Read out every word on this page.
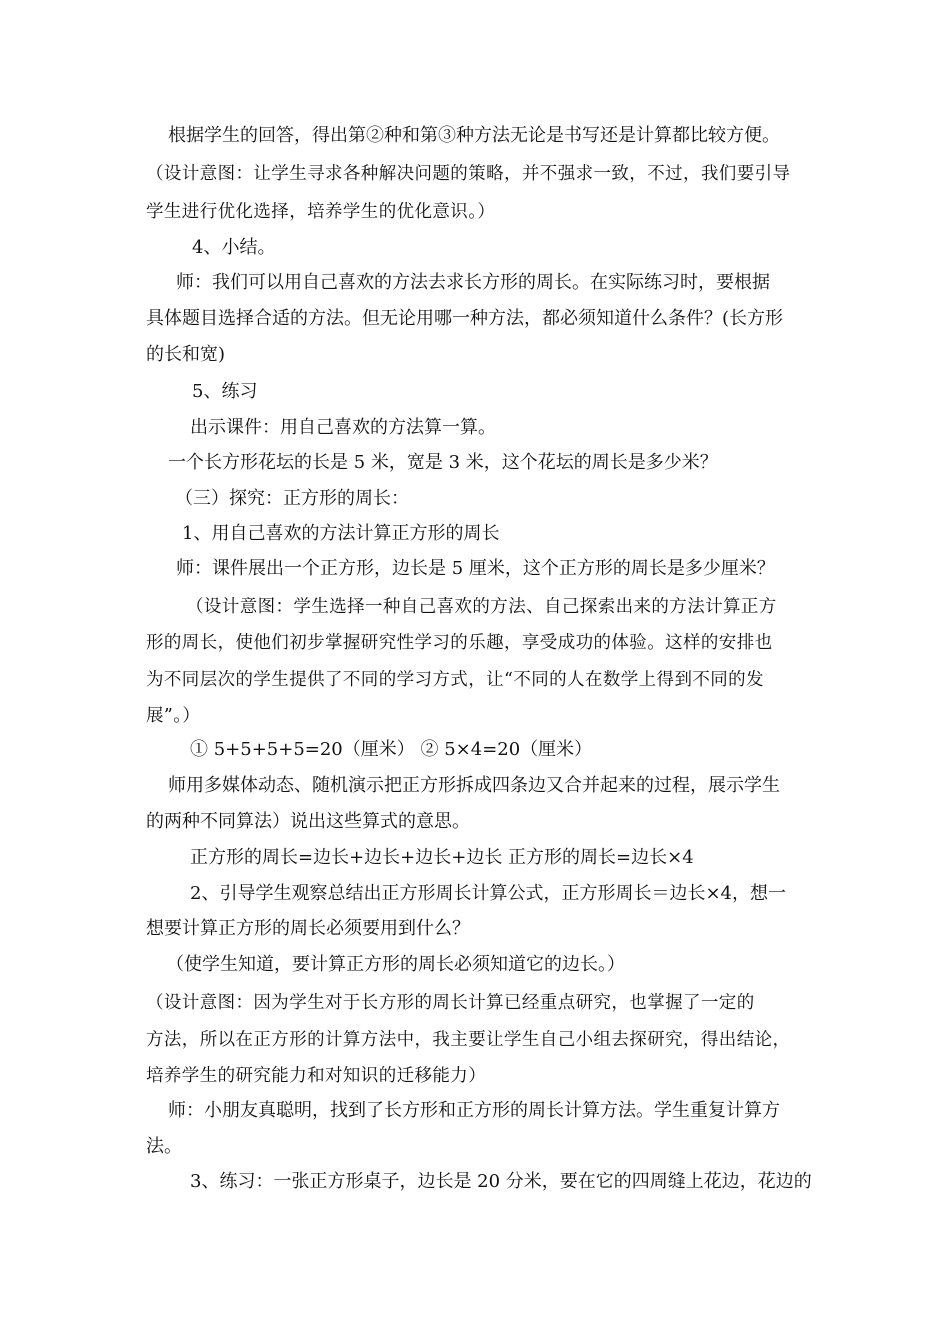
根据学生的回答，得出第②种和第③种方法无论是书写还是计算都比较方便。
（设计意图：让学生寻求各种解决问题的策略，并不强求一致，不过，我们要引导
学生进行优化选择，培养学生的优化意识。）
4、小结。
师：我们可以用自己喜欢的方法去求长方形的周长。在实际练习时，要根据
具体题目选择合适的方法。但无论用哪一种方法，都必须知道什么条件？(长方形
的长和宽)
5、练习
出示课件：用自己喜欢的方法算一算。
一个长方形花坛的长是 5 米，宽是 3 米，这个花坛的周长是多少米？
（三）探究：正方形的周长：
1、用自己喜欢的方法计算正方形的周长
师：课件展出一个正方形，边长是 5 厘米，这个正方形的周长是多少厘米？
（设计意图：学生选择一种自己喜欢的方法、自己探索出来的方法计算正方
形的周长，使他们初步掌握研究性学习的乐趣，享受成功的体验。这样的安排也
为不同层次的学生提供了不同的学习方式，让“不同的人在数学上得到不同的发
展”。）
① 5+5+5+5=20（厘米） ② 5×4=20（厘米）
师用多媒体动态、随机演示把正方形拆成四条边又合并起来的过程，展示学生
的两种不同算法）说出这些算式的意思。
正方形的周长=边长+边长+边长+边长 正方形的周长=边长×4
2、引导学生观察总结出正方形周长计算公式，正方形周长＝边长×4，想一
想要计算正方形的周长必须要用到什么？
（使学生知道，要计算正方形的周长必须知道它的边长。）
（设计意图：因为学生对于长方形的周长计算已经重点研究，也掌握了一定的
方法，所以在正方形的计算方法中，我主要让学生自己小组去探研究，得出结论，
培养学生的研究能力和对知识的迁移能力）
师：小朋友真聪明，找到了长方形和正方形的周长计算方法。学生重复计算方
法。
3、练习：一张正方形桌子，边长是 20 分米，要在它的四周缝上花边，花边的
